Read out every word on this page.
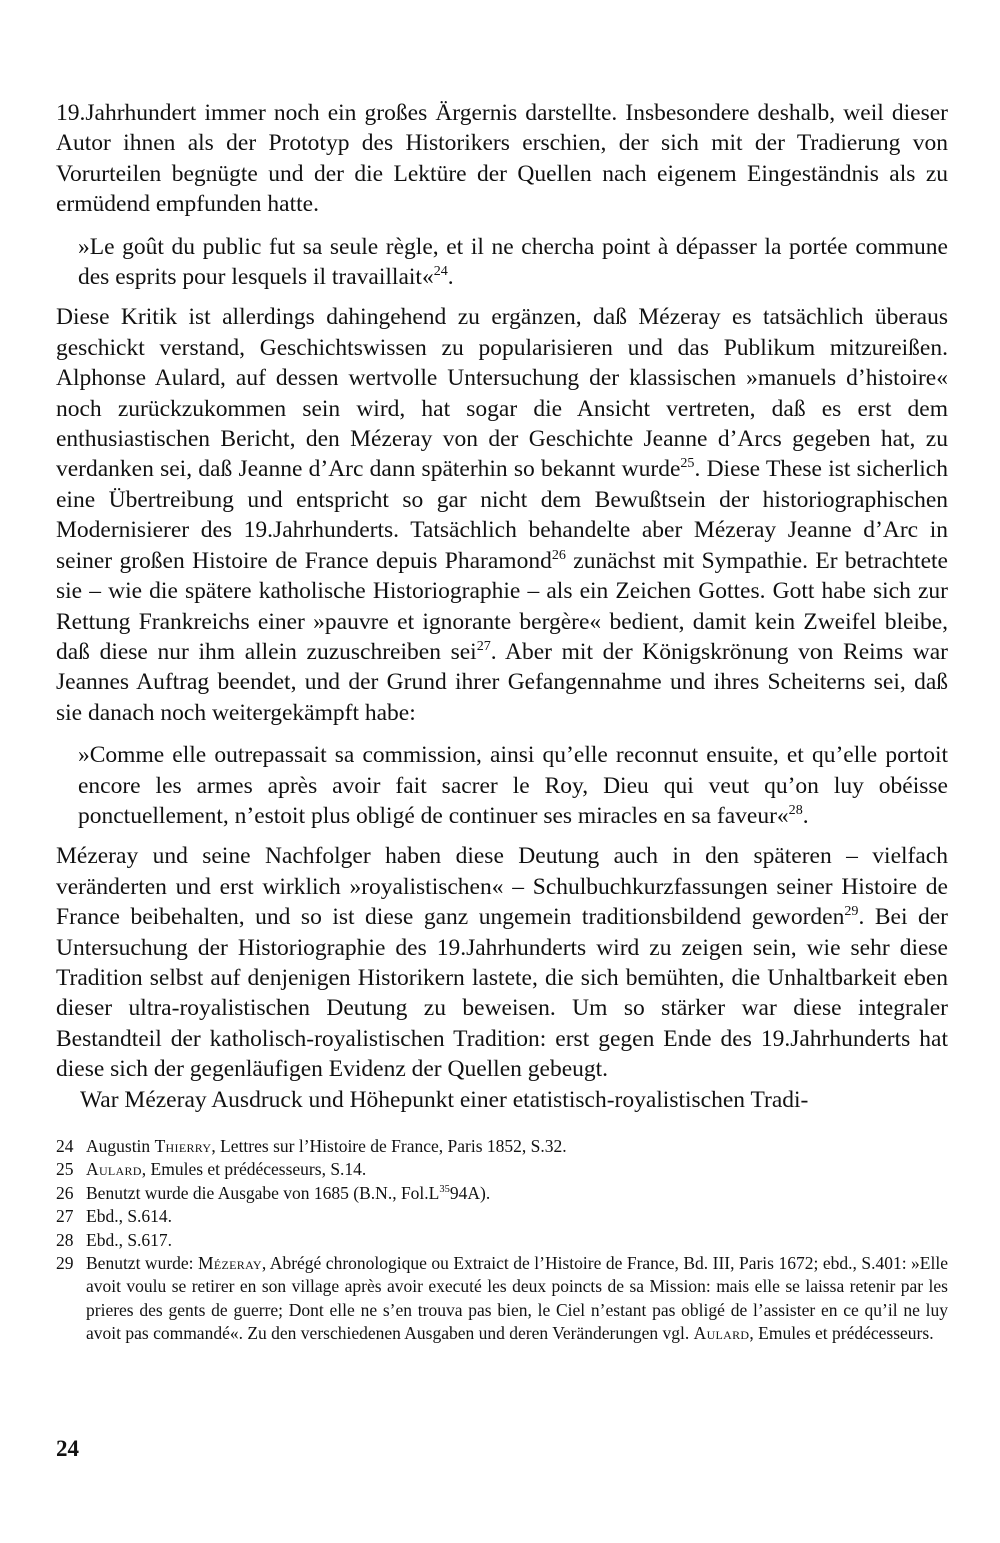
19.Jahrhundert immer noch ein großes Ärgernis darstellte. Insbesondere deshalb, weil dieser Autor ihnen als der Prototyp des Historikers erschien, der sich mit der Tradierung von Vorurteilen begnügte und der die Lektüre der Quellen nach eigenem Eingeständnis als zu ermüdend empfunden hatte.

»Le goût du public fut sa seule règle, et il ne chercha point à dépasser la portée commune des esprits pour lesquels il travaillait«$^{24}$.

Diese Kritik ist allerdings dahingehend zu ergänzen, daß Mézeray es tatsächlich überaus geschickt verstand, Geschichtswissen zu popularisieren und das Publikum mitzureißen. Alphonse Aulard, auf dessen wertvolle Untersuchung der klassischen »manuels d’histoire« noch zurückzukommen sein wird, hat sogar die Ansicht vertreten, daß es erst dem enthusiastischen Bericht, den Mézeray von der Geschichte Jeanne d’Arcs gegeben hat, zu verdanken sei, daß Jeanne d’Arc dann späterhin so bekannt wurde$^{25}$. Diese These ist sicherlich eine Übertreibung und entspricht so gar nicht dem Bewußtsein der historiographischen Modernisierer des 19.Jahrhunderts. Tatsächlich behandelte aber Mézeray Jeanne d’Arc in seiner großen Histoire de France depuis Pharamond$^{26}$ zunächst mit Sympathie. Er betrachtete sie – wie die spätere katholische Historiographie – als ein Zeichen Gottes. Gott habe sich zur Rettung Frankreichs einer »pauvre et ignorante bergère« bedient, damit kein Zweifel bleibe, daß diese nur ihm allein zuzuschreiben sei$^{27}$. Aber mit der Königskrönung von Reims war Jeannes Auftrag beendet, und der Grund ihrer Gefangennahme und ihres Scheiterns sei, daß sie danach noch weitergekämpft habe:

»Comme elle outrepassait sa commission, ainsi qu’elle reconnut ensuite, et qu’elle portoit encore les armes après avoir fait sacrer le Roy, Dieu qui veut qu’on luy obéisse ponctuellement, n’estoit plus obligé de continuer ses miracles en sa faveur«$^{28}$.

Mézeray und seine Nachfolger haben diese Deutung auch in den späteren – vielfach veränderten und erst wirklich »royalistischen« – Schulbuchkurzfassungen seiner Histoire de France beibehalten, und so ist diese ganz ungemein traditionsbildend geworden$^{29}$. Bei der Untersuchung der Historiographie des 19.Jahrhunderts wird zu zeigen sein, wie sehr diese Tradition selbst auf denjenigen Historikern lastete, die sich bemühten, die Unhaltbarkeit eben dieser ultra-royalistischen Deutung zu beweisen. Um so stärker war diese integraler Bestandteil der katholisch-royalistischen Tradition: erst gegen Ende des 19.Jahrhunderts hat diese sich der gegenläufigen Evidenz der Quellen gebeugt.

War Mézeray Ausdruck und Höhepunkt einer etatistisch-royalistischen Tradi-

24 Augustin Thierry, Lettres sur l’Histoire de France, Paris 1852, S.32.
25 Aulard, Emules et prédécesseurs, S.14.
26 Benutzt wurde die Ausgabe von 1685 (B.N., $Fol.L^{35}94A$).
27 Ebd., S.614.
28 Ebd., S.617.
29 Benutzt wurde: Mézeray, Abrégé chronologique ou Extraict de l’Histoire de France, Bd. III, Paris 1672; ebd., S.401: »Elle avoit voulu se retirer en son village après avoir executé les deux poincts de sa Mission: mais elle se laissa retenir par les prieres des gents de guerre; Dont elle ne s’en trouva pas bien, le Ciel n’estant pas obligé de l’assister en ce qu’il ne luy avoit pas commandé«. Zu den verschiedenen Ausgaben und deren Veränderungen vgl. Aulard, Emules et prédécesseurs.
24
